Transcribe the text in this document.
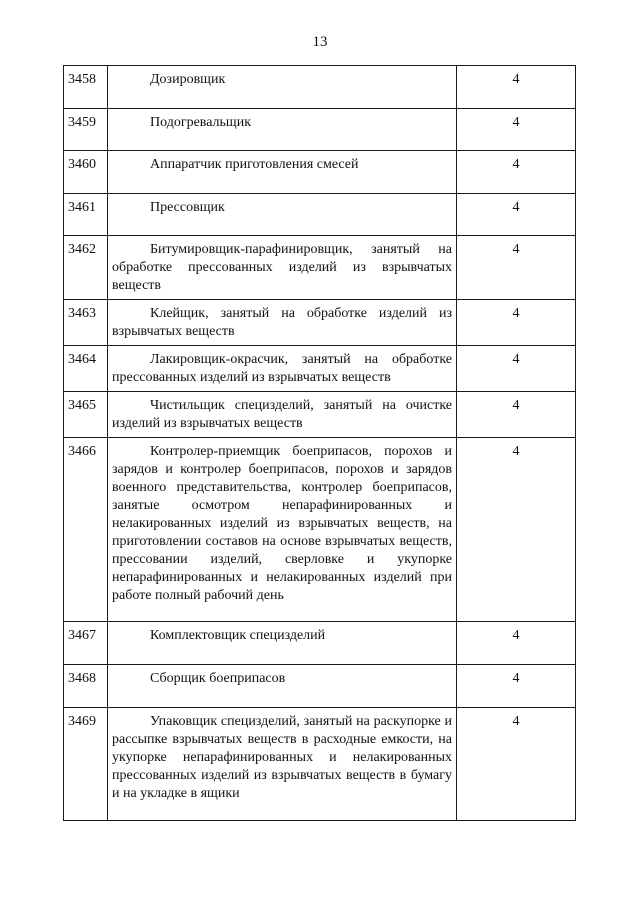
13
3458	Дозировщик	4
3459	Подогревальщик	4
3460	Аппаратчик приготовления смесей	4
3461	Прессовщик	4
3462	Битумировщик-парафинировщик, занятый на обработке прессованных изделий из взрывчатых веществ	4
3463	Клейщик, занятый на обработке изделий из взрывчатых веществ	4
3464	Лакировщик-окрасчик, занятый на обработке прессованных изделий из взрывчатых веществ	4
3465	Чистильщик специзделий, занятый на очистке изделий из взрывчатых веществ	4
3466	Контролер-приемщик боеприпасов, порохов и зарядов и контролер боеприпасов, порохов и зарядов военного представительства, контролер боеприпасов, занятые осмотром непарафинированных и нелакированных изделий из взрывчатых веществ, на приготовлении составов на основе взрывчатых веществ, прессовании изделий, сверловке и укупорке непарафинированных и нелакированных изделий при работе полный рабочий день	4
3467	Комплектовщик специзделий	4
3468	Сборщик боеприпасов	4
3469	Упаковщик специзделий, занятый на раскупорке и рассыпке взрывчатых веществ в расходные емкости, на укупорке непарафинированных и нелакированных прессованных изделий из взрывчатых веществ в бумагу и на укладке в ящики	4
